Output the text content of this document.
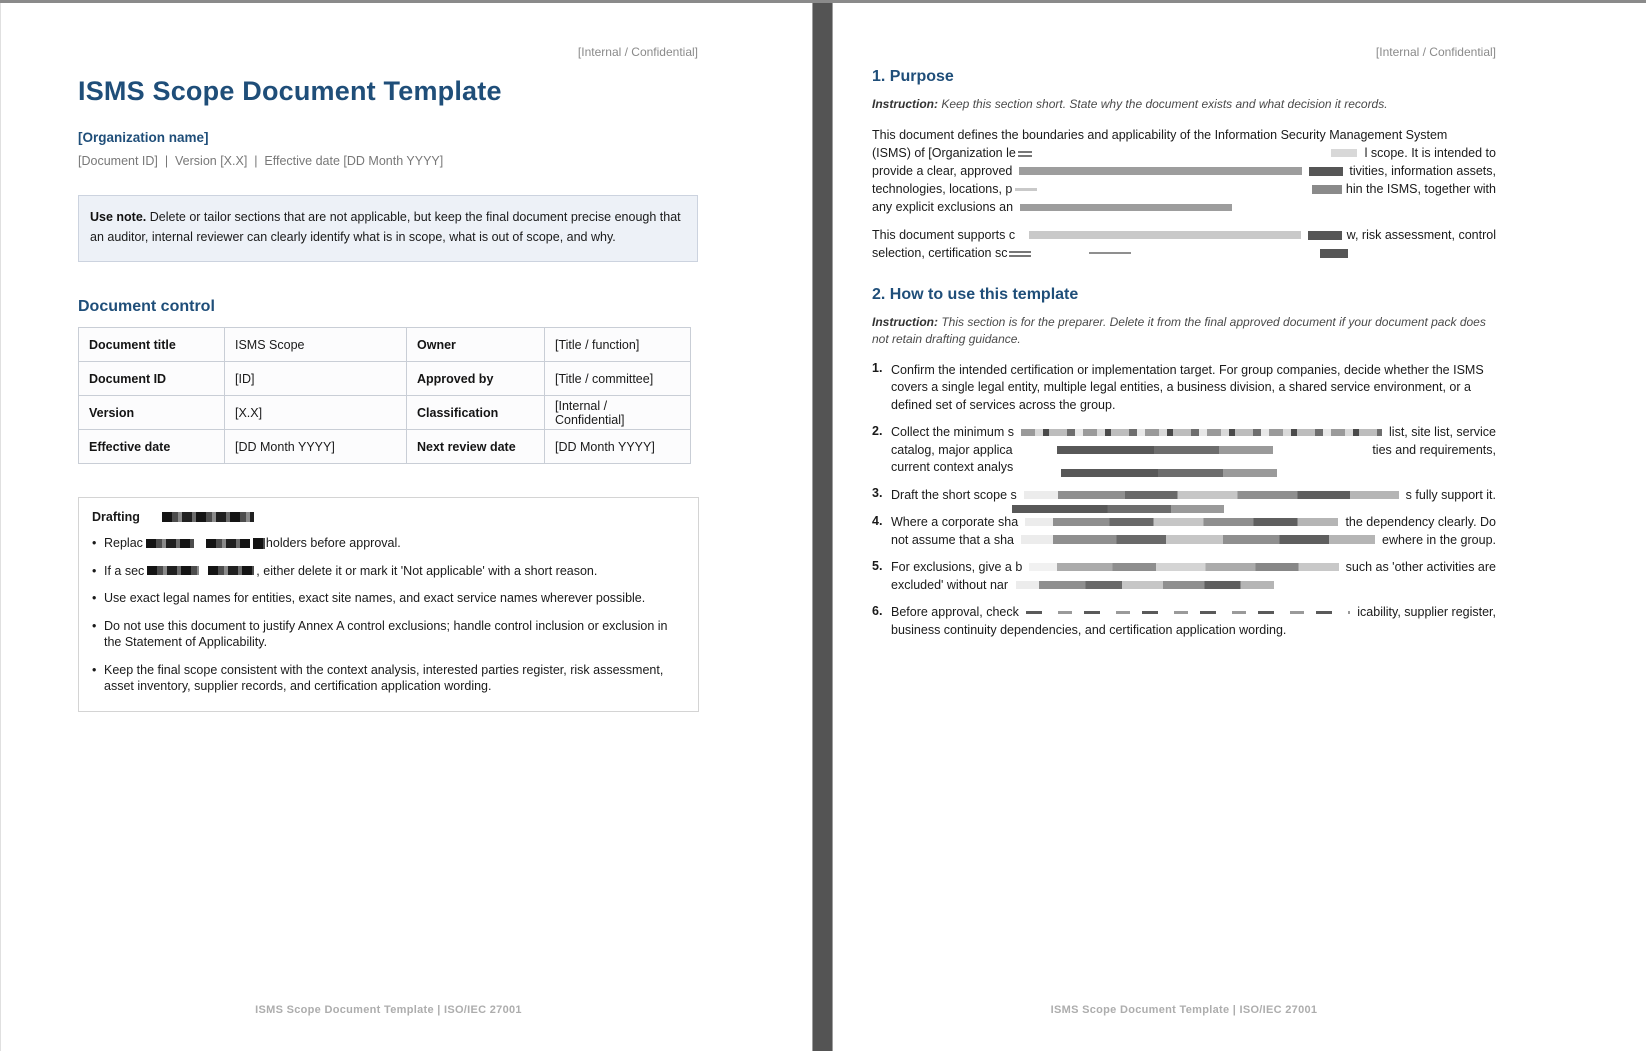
[Internal / Confidential]
ISMS Scope Document Template
[Organization name]
[Document ID]  |  Version [X.X]  |  Effective date [DD Month YYYY]
Use note. Delete or tailor sections that are not applicable, but keep the final document precise enough that an auditor, internal reviewer can clearly identify what is in scope, what is out of scope, and why.
Document control
Document title	ISMS Scope	Owner	[Title / function]
Document ID	[ID]	Approved by	[Title / committee]
Version	[X.X]	Classification	[Internal / Confidential]
Effective date	[DD Month YYYY]	Next review date	[DD Month YYYY]
Drafting
• Replac	holders before approval.
• If a sec	, either delete it or mark it 'Not applicable' with a short reason.
• Use exact legal names for entities, exact site names, and exact service names wherever possible.
• Do not use this document to justify Annex A control exclusions; handle control inclusion or exclusion in the Statement of Applicability.
• Keep the final scope consistent with the context analysis, interested parties register, risk assessment, asset inventory, supplier records, and certification application wording.
ISMS Scope Document Template | ISO/IEC 27001
[Internal / Confidential]
1. Purpose
Instruction: Keep this section short. State why the document exists and what decision it records.
This document defines the boundaries and applicability of the Information Security Management System
(ISMS) of [Organization le	l scope. It is intended to
provide a clear, approved	tivities, information assets,
technologies, locations, p	hin the ISMS, together with
any explicit exclusions an
This document supports c	w, risk assessment, control
selection, certification sc
2. How to use this template
Instruction: This section is for the preparer. Delete it from the final approved document if your document pack does not retain drafting guidance.
1. Confirm the intended certification or implementation target. For group companies, decide whether the ISMS
covers a single legal entity, multiple legal entities, a business division, a shared service environment, or a
defined set of services across the group.
2. Collect the minimum s	list, site list, service
catalog, major applica	ties and requirements,
current context analys
3. Draft the short scope s	s fully support it.
4. Where a corporate sha	the dependency clearly. Do
not assume that a sha	ewhere in the group.
5. For exclusions, give a b	such as 'other activities are
excluded' without nar
6. Before approval, check	icability, supplier register,
business continuity dependencies, and certification application wording.
ISMS Scope Document Template | ISO/IEC 27001
